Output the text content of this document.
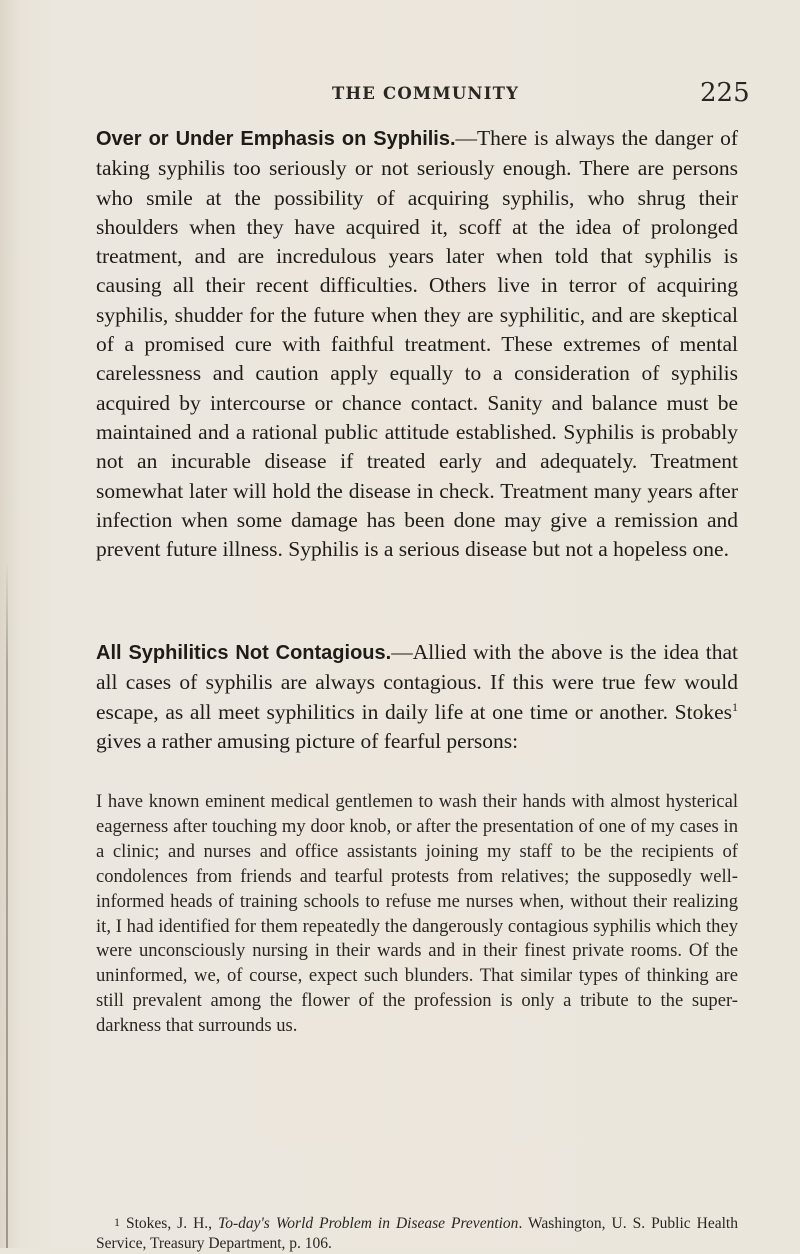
THE COMMUNITY	225

Over or Under Emphasis on Syphilis.—There is always the danger of taking syphilis too seriously or not seriously enough. There are persons who smile at the possibility of acquiring syphilis, who shrug their shoulders when they have acquired it, scoff at the idea of prolonged treatment, and are incredulous years later when told that syphilis is causing all their recent difficulties. Others live in terror of acquiring syphilis, shudder for the future when they are syphilitic, and are skeptical of a promised cure with faithful treatment. These extremes of mental carelessness and caution apply equally to a consideration of syphilis acquired by intercourse or chance contact. Sanity and balance must be maintained and a rational public attitude established. Syphilis is probably not an incurable disease if treated early and adequately. Treatment somewhat later will hold the disease in check. Treatment many years after infection when some damage has been done may give a remission and prevent future illness. Syphilis is a serious disease but not a hopeless one.

All Syphilitics Not Contagious.—Allied with the above is the idea that all cases of syphilis are always contagious. If this were true few would escape, as all meet syphilitics in daily life at one time or another. Stokes$^1$ gives a rather amusing picture of fearful persons:

I have known eminent medical gentlemen to wash their hands with almost hysterical eagerness after touching my door knob, or after the presentation of one of my cases in a clinic; and nurses and office assistants joining my staff to be the recipients of condolences from friends and tearful protests from relatives; the supposedly well-informed heads of training schools to refuse me nurses when, without their realizing it, I had identified for them repeatedly the dangerously contagious syphilis which they were unconsciously nursing in their wards and in their finest private rooms. Of the uninformed, we, of course, expect such blunders. That similar types of thinking are still prevalent among the flower of the profession is only a tribute to the super-darkness that surrounds us.

1 Stokes, J. H., To-day's World Problem in Disease Prevention. Washington, U. S. Public Health Service, Treasury Department, p. 106.
